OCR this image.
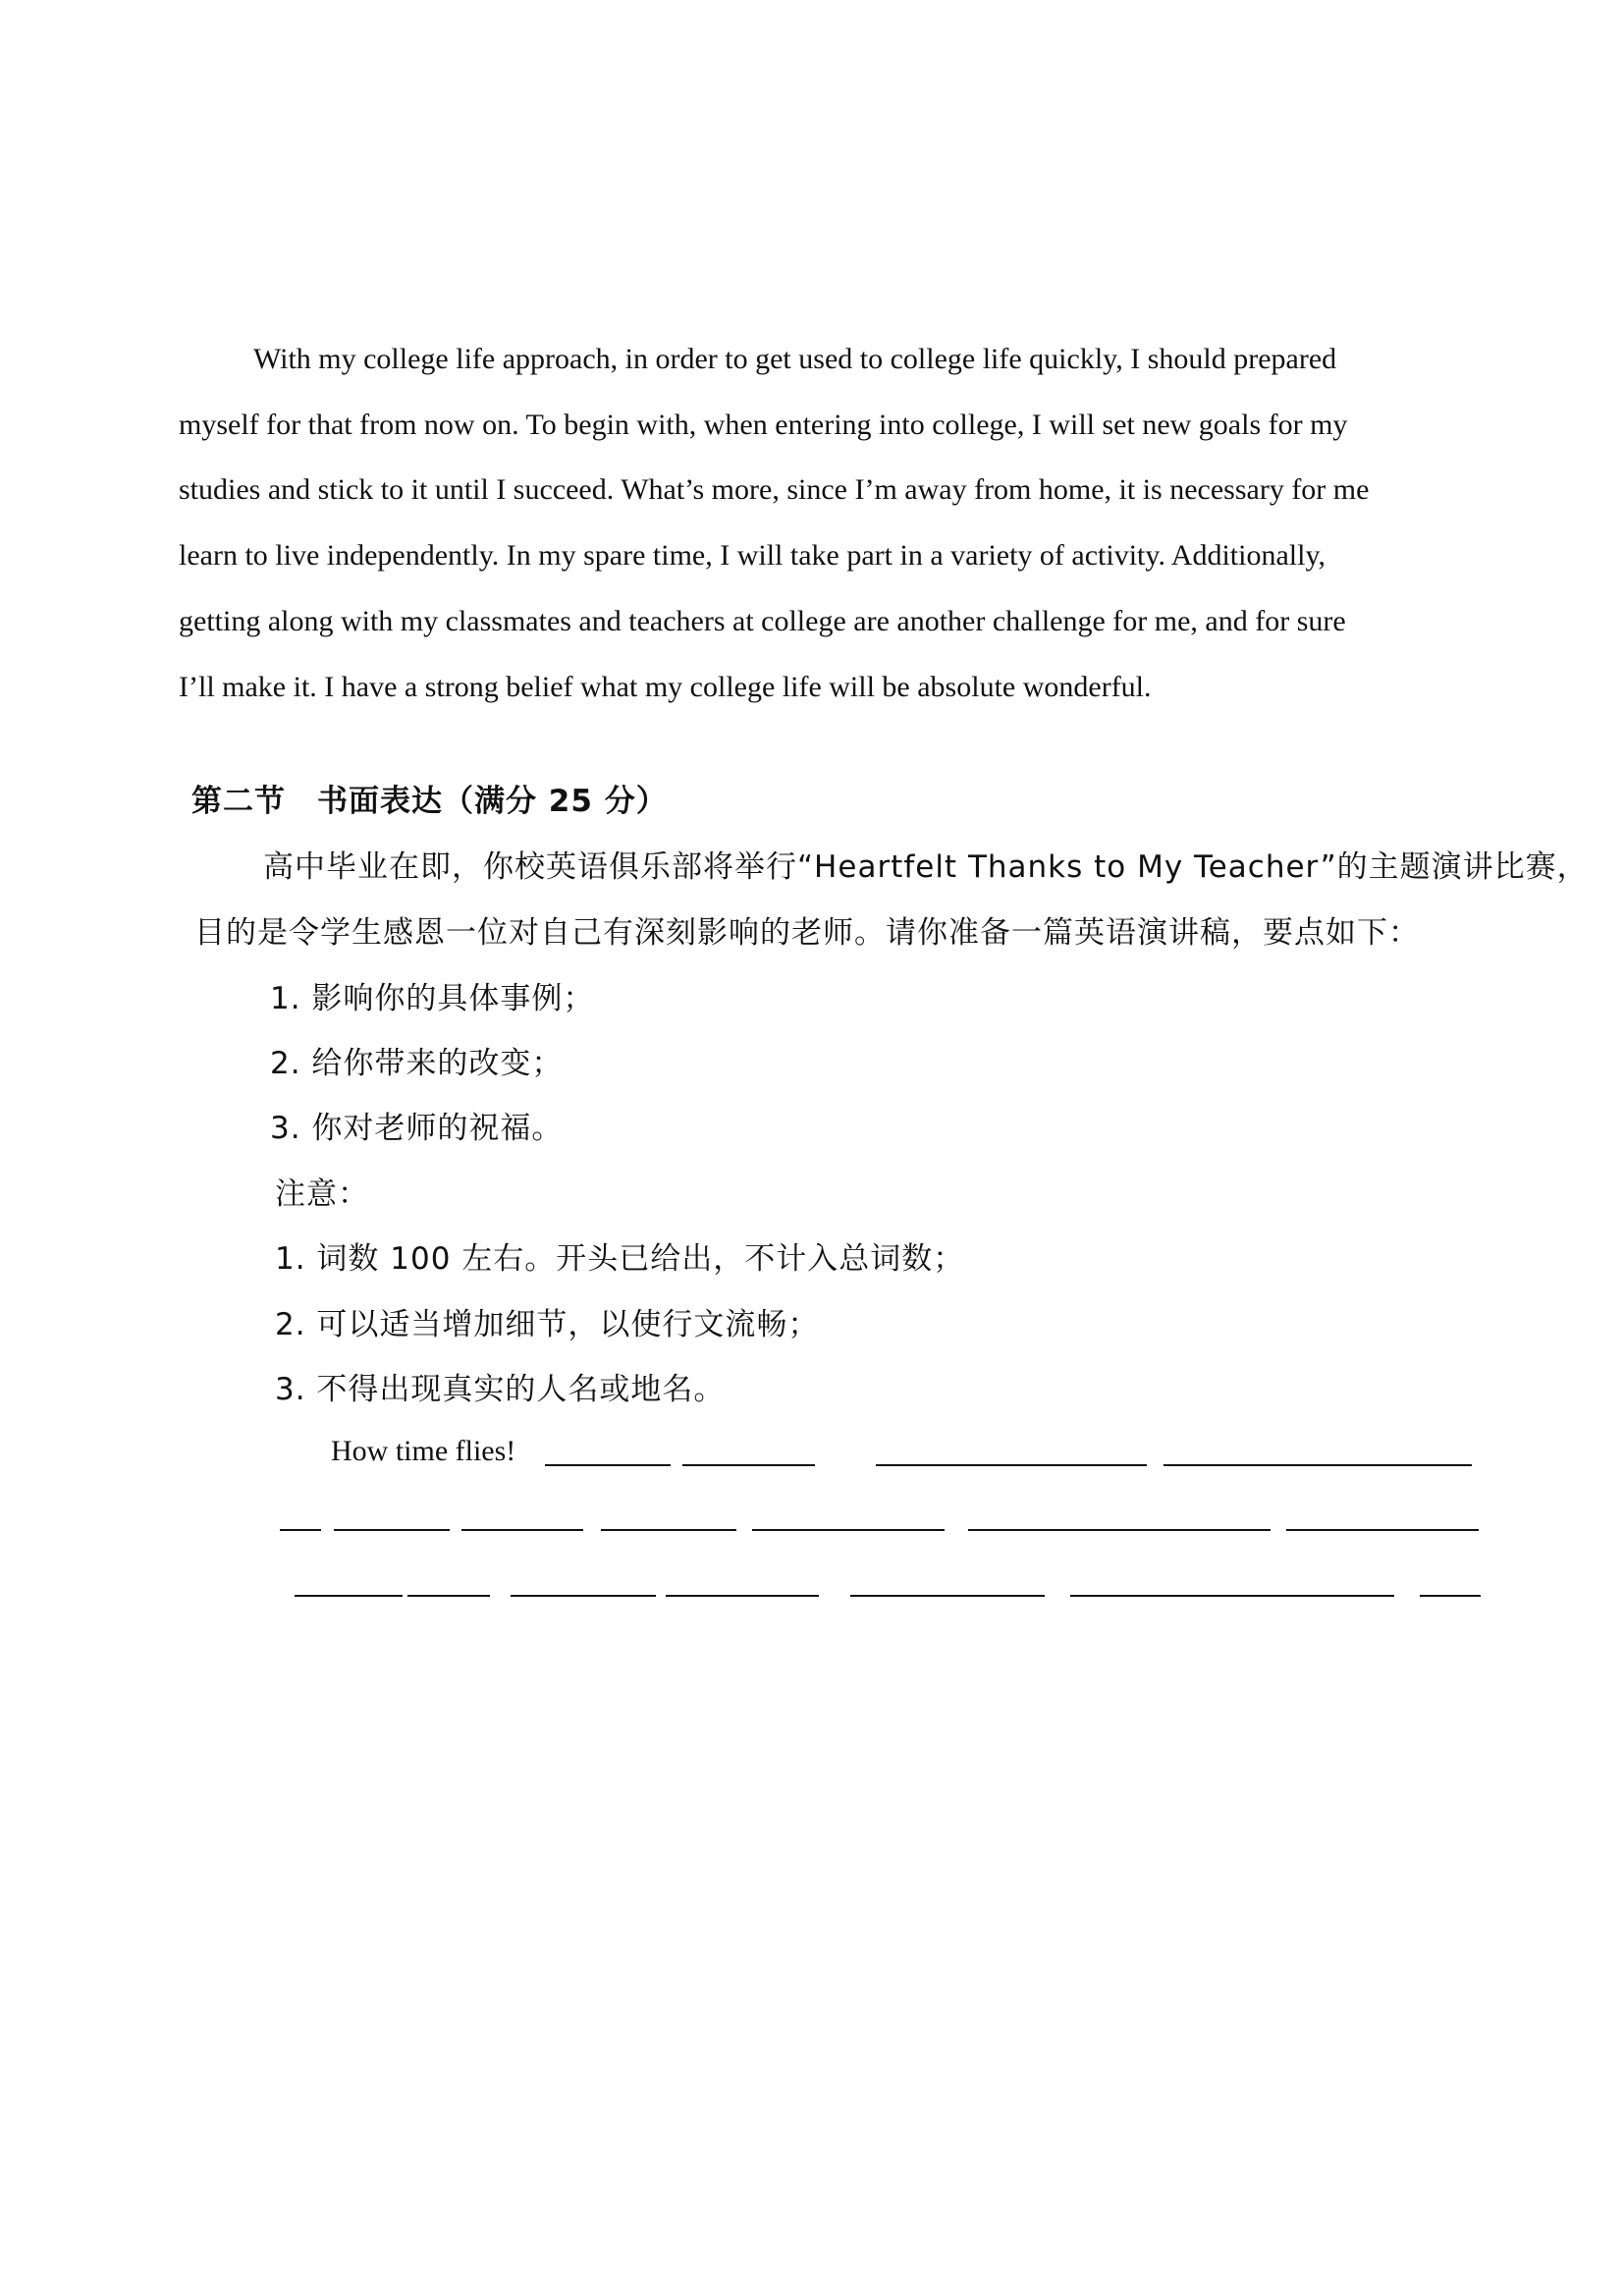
With my college life approach, in order to get used to college life quickly, I should prepared
myself for that from now on. To begin with, when entering into college, I will set new goals for my
studies and stick to it until I succeed. What’s more, since I’m away from home, it is necessary for me
learn to live independently. In my spare time, I will take part in a variety of activity. Additionally,
getting along with my classmates and teachers at college are another challenge for me, and for sure
I’ll make it. I have a strong belief what my college life will be absolute wonderful.
第二节　书面表达（满分 25 分）
高中毕业在即，你校英语俱乐部将举行“Heartfelt Thanks to My Teacher”的主题演讲比赛，
目的是令学生感恩一位对自己有深刻影响的老师。请你准备一篇英语演讲稿，要点如下：
1. 影响你的具体事例；
2. 给你带来的改变；
3. 你对老师的祝福。
注意：
1. 词数 100 左右。开头已给出，不计入总词数；
2. 可以适当增加细节，以使行文流畅；
3. 不得出现真实的人名或地名。
How time flies!
